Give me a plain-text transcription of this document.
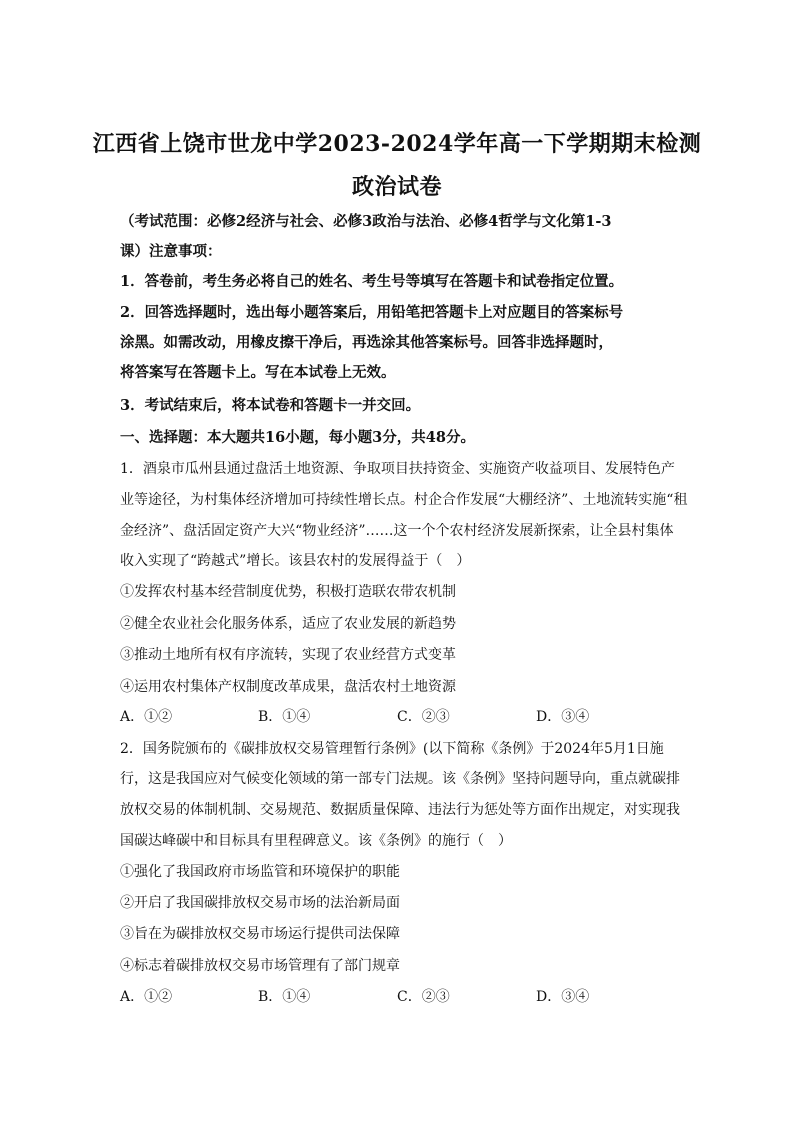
江西省上饶市世龙中学2023-2024学年高一下学期期末检测
政治试卷
（考试范围：必修2经济与社会、必修3政治与法治、必修4哲学与文化第1-3
课）注意事项：
1．答卷前，考生务必将自己的姓名、考生号等填写在答题卡和试卷指定位置。
2．回答选择题时，选出每小题答案后，用铅笔把答题卡上对应题目的答案标号
涂黑。如需改动，用橡皮擦干净后，再选涂其他答案标号。回答非选择题时，
将答案写在答题卡上。写在本试卷上无效。
3．考试结束后，将本试卷和答题卡一并交回。
一、选择题：本大题共16小题，每小题3分，共48分。
1．酒泉市瓜州县通过盘活土地资源、争取项目扶持资金、实施资产收益项目、发展特色产
业等途径，为村集体经济增加可持续性增长点。村企合作发展“大棚经济”、土地流转实施“租
金经济”、盘活固定资产大兴“物业经济”……这一个个农村经济发展新探索，让全县村集体
收入实现了“跨越式”增长。该县农村的发展得益于（　）
①发挥农村基本经营制度优势，积极打造联农带农机制
②健全农业社会化服务体系，适应了农业发展的新趋势
③推动土地所有权有序流转，实现了农业经营方式变革
④运用农村集体产权制度改革成果，盘活农村土地资源
A．①②	B．①④	C．②③	D．③④
2．国务院颁布的《碳排放权交易管理暂行条例》(以下简称《条例》于2024年5月1日施
行，这是我国应对气候变化领域的第一部专门法规。该《条例》坚持问题导向，重点就碳排
放权交易的体制机制、交易规范、数据质量保障、违法行为惩处等方面作出规定，对实现我
国碳达峰碳中和目标具有里程碑意义。该《条例》的施行（　）
①强化了我国政府市场监管和环境保护的职能
②开启了我国碳排放权交易市场的法治新局面
③旨在为碳排放权交易市场运行提供司法保障
④标志着碳排放权交易市场管理有了部门规章
A．①②	B．①④	C．②③	D．③④
